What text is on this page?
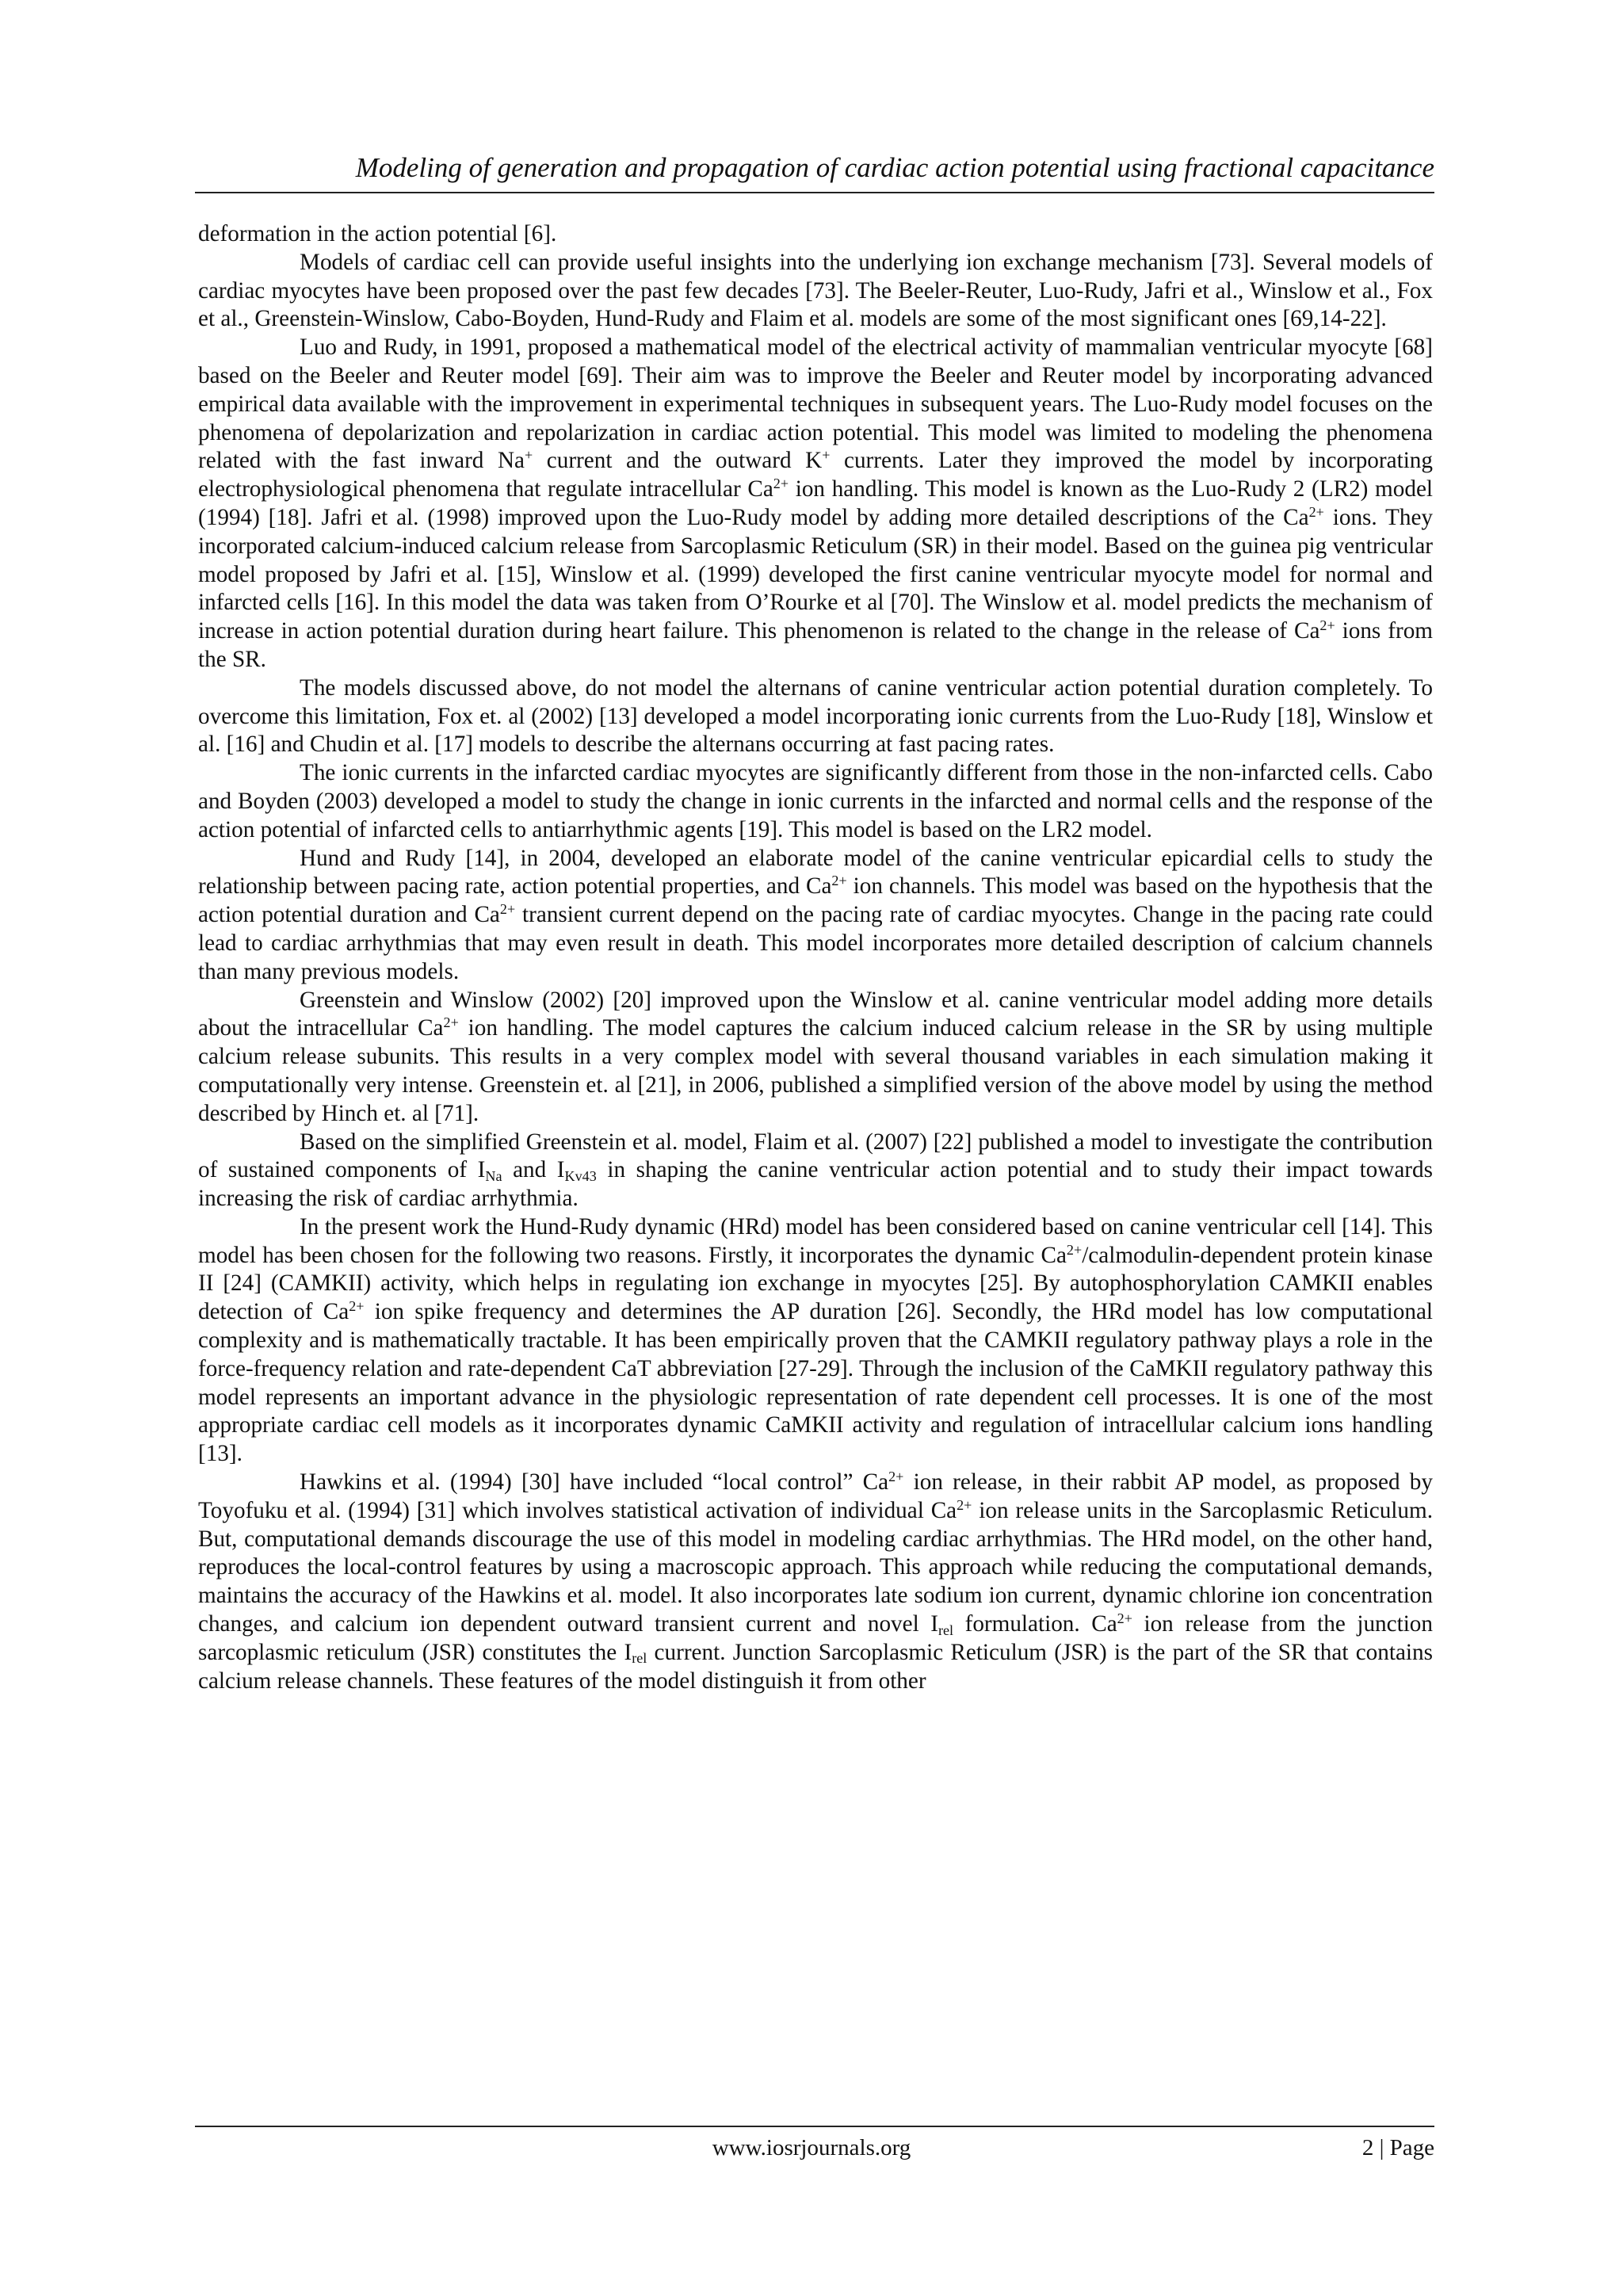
Modeling of generation and propagation of cardiac action potential using fractional capacitance

deformation in the action potential [6].

Models of cardiac cell can provide useful insights into the underlying ion exchange mechanism [73]. Several models of cardiac myocytes have been proposed over the past few decades [73]. The Beeler-Reuter, Luo-Rudy, Jafri et al., Winslow et al., Fox et al., Greenstein-Winslow, Cabo-Boyden, Hund-Rudy and Flaim et al. models are some of the most significant ones [69,14-22].

Luo and Rudy, in 1991, proposed a mathematical model of the electrical activity of mammalian ventricular myocyte [68] based on the Beeler and Reuter model [69]. Their aim was to improve the Beeler and Reuter model by incorporating advanced empirical data available with the improvement in experimental techniques in subsequent years. The Luo-Rudy model focuses on the phenomena of depolarization and repolarization in cardiac action potential. This model was limited to modeling the phenomena related with the fast inward Na+ current and the outward K+ currents. Later they improved the model by incorporating electrophysiological phenomena that regulate intracellular $Ca^{2+}$ ion handling. This model is known as the Luo-Rudy 2 (LR2) model (1994) [18]. Jafri et al. (1998) improved upon the Luo-Rudy model by adding more detailed descriptions of the $Ca^{2+}$ ions. They incorporated calcium-induced calcium release from Sarcoplasmic Reticulum (SR) in their model. Based on the guinea pig ventricular model proposed by Jafri et al. [15], Winslow et al. (1999) developed the first canine ventricular myocyte model for normal and infarcted cells [16]. In this model the data was taken from O’Rourke et al [70]. The Winslow et al. model predicts the mechanism of increase in action potential duration during heart failure. This phenomenon is related to the change in the release of $Ca^{2+}$ ions from the SR.

The models discussed above, do not model the alternans of canine ventricular action potential duration completely. To overcome this limitation, Fox et. al (2002) [13] developed a model incorporating ionic currents from the Luo-Rudy [18], Winslow et al. [16] and Chudin et al. [17] models to describe the alternans occurring at fast pacing rates.

The ionic currents in the infarcted cardiac myocytes are significantly different from those in the non-infarcted cells. Cabo and Boyden (2003) developed a model to study the change in ionic currents in the infarcted and normal cells and the response of the action potential of infarcted cells to antiarrhythmic agents [19]. This model is based on the LR2 model.

Hund and Rudy [14], in 2004, developed an elaborate model of the canine ventricular epicardial cells to study the relationship between pacing rate, action potential properties, and $Ca^{2+}$ ion channels. This model was based on the hypothesis that the action potential duration and $Ca^{2+}$ transient current depend on the pacing rate of cardiac myocytes. Change in the pacing rate could lead to cardiac arrhythmias that may even result in death. This model incorporates more detailed description of calcium channels than many previous models.

Greenstein and Winslow (2002) [20] improved upon the Winslow et al. canine ventricular model adding more details about the intracellular $Ca^{2+}$ ion handling. The model captures the calcium induced calcium release in the SR by using multiple calcium release subunits. This results in a very complex model with several thousand variables in each simulation making it computationally very intense. Greenstein et. al [21], in 2006, published a simplified version of the above model by using the method described by Hinch et. al [71].

Based on the simplified Greenstein et al. model, Flaim et al. (2007) [22] published a model to investigate the contribution of sustained components of $I_{Na}$ and $I_{Kv43}$ in shaping the canine ventricular action potential and to study their impact towards increasing the risk of cardiac arrhythmia.

In the present work the Hund-Rudy dynamic (HRd) model has been considered based on canine ventricular cell [14]. This model has been chosen for the following two reasons. Firstly, it incorporates the dynamic $Ca^{2+}/calmodulin$-dependent protein kinase II [24] (CAMKII) activity, which helps in regulating ion exchange in myocytes [25]. By autophosphorylation CAMKII enables detection of $Ca^{2+}$ ion spike frequency and determines the AP duration [26]. Secondly, the HRd model has low computational complexity and is mathematically tractable. It has been empirically proven that the CAMKII regulatory pathway plays a role in the force-frequency relation and rate-dependent CaT abbreviation [27-29]. Through the inclusion of the CaMKII regulatory pathway this model represents an important advance in the physiologic representation of rate dependent cell processes. It is one of the most appropriate cardiac cell models as it incorporates dynamic CaMKII activity and regulation of intracellular calcium ions handling [13].

Hawkins et al. (1994) [30] have included “local control” $Ca^{2+}$ ion release, in their rabbit AP model, as proposed by Toyofuku et al. (1994) [31] which involves statistical activation of individual $Ca^{2+}$ ion release units in the Sarcoplasmic Reticulum. But, computational demands discourage the use of this model in modeling cardiac arrhythmias. The HRd model, on the other hand, reproduces the local-control features by using a macroscopic approach. This approach while reducing the computational demands, maintains the accuracy of the Hawkins et al. model. It also incorporates late sodium ion current, dynamic chlorine ion concentration changes, and calcium ion dependent outward transient current and novel $I_{rel}$ formulation. $Ca^{2+}$ ion release from the junction sarcoplasmic reticulum (JSR) constitutes the $I_{rel}$ current. Junction Sarcoplasmic Reticulum (JSR) is the part of the SR that contains calcium release channels. These features of the model distinguish it from other

www.iosrjournals.org	2 | Page
